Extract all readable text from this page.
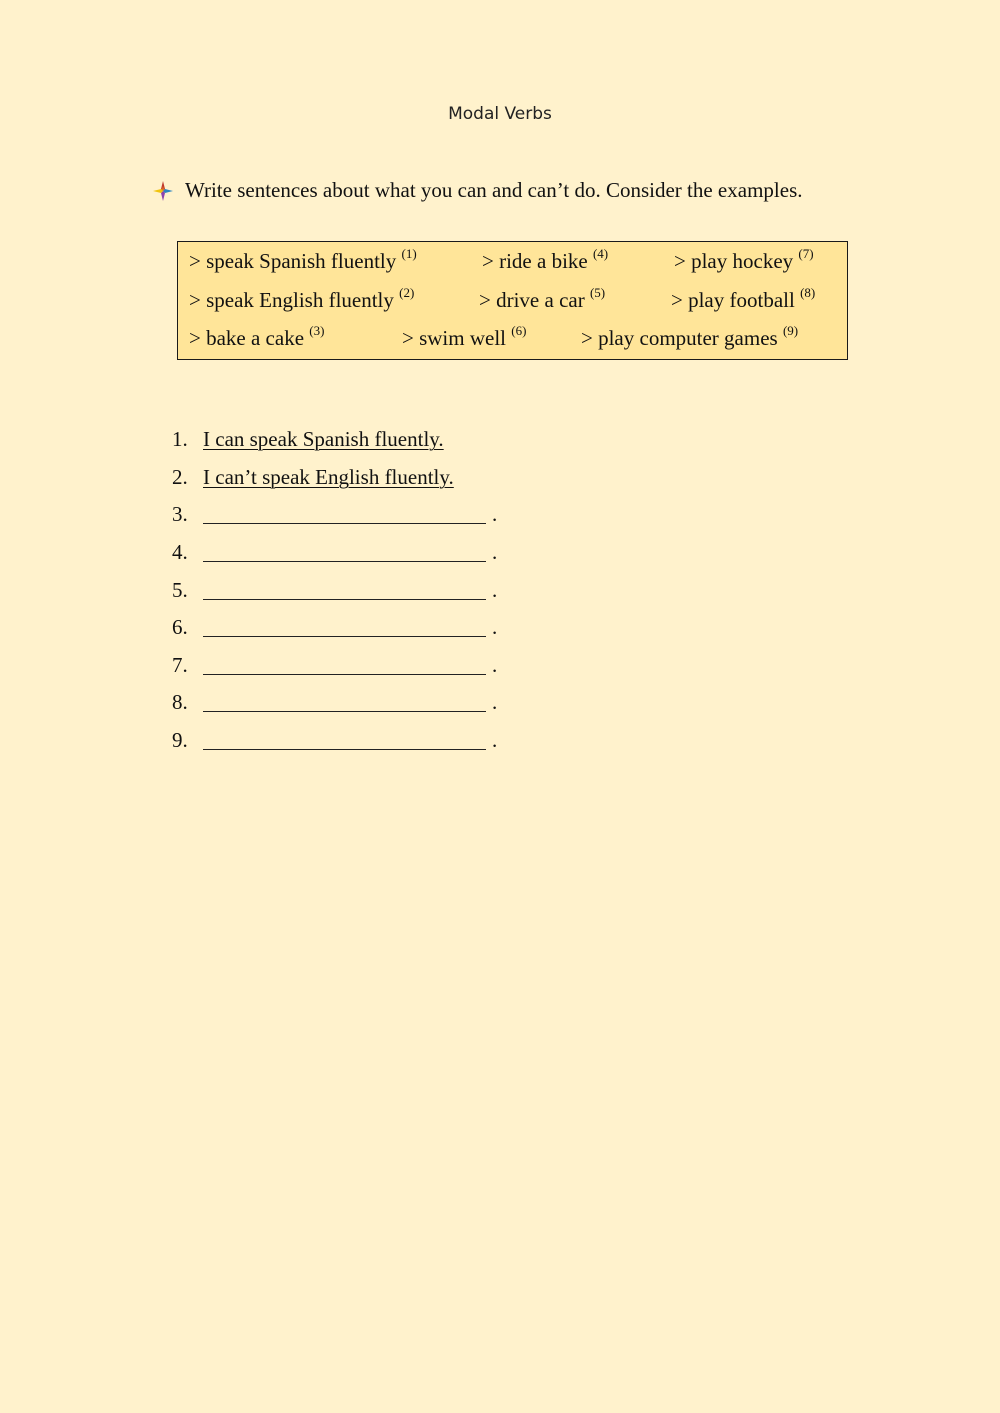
Modal Verbs
Write sentences about what you can and can’t do. Consider the examples.
> speak Spanish fluently $^{(1)}$
> speak English fluently $^{(2)}$
> bake a cake $^{(3)}$
> ride a bike $^{(4)}$
> drive a car $^{(5)}$
> swim well $^{(6)}$
> play hockey $^{(7)}$
> play football $^{(8)}$
> play computer games $^{(9)}$
1. I can speak Spanish fluently.
2. I can’t speak English fluently.
3.	.
4.	.
5.	.
6.	.
7.	.
8.	.
9.	.
